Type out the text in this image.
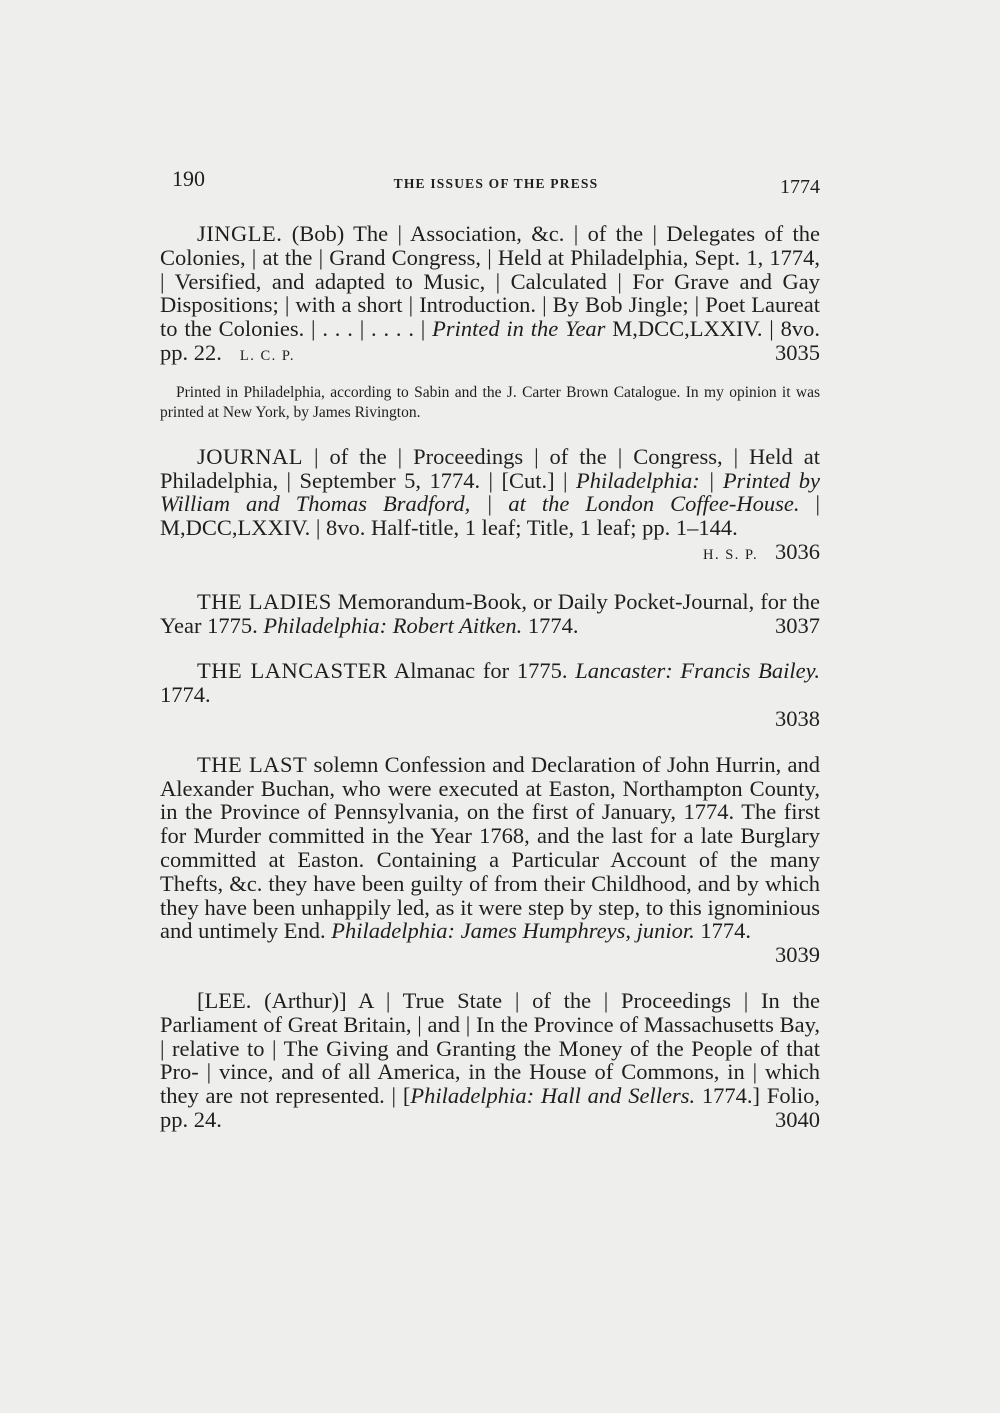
190	THE ISSUES OF THE PRESS	1774
JINGLE. (Bob) The | Association, &c. | of the | Delegates of the Colonies, | at the | Grand Congress, | Held at Philadelphia, Sept. 1, 1774, | Versified, and adapted to Music, | Calculated | For Grave and Gay Dispositions; | with a short | Introduction. | By Bob Jingle; | Poet Laureat to the Colonies. | . . . | . . . . | Printed in the Year M,DCC,LXXIV. | 8vo. pp. 22. L. C. P.	3035
Printed in Philadelphia, according to Sabin and the J. Carter Brown Catalogue. In my opinion it was printed at New York, by James Rivington.
JOURNAL | of the | Proceedings | of the | Congress, | Held at Philadelphia, | September 5, 1774. | [Cut.] | Philadelphia: | Printed by William and Thomas Bradford, | at the London Coffee-House. | M,DCC,LXXIV. | 8vo. Half-title, 1 leaf; Title, 1 leaf; pp. 1–144.
H. S. P. 3036
THE LADIES Memorandum-Book, or Daily Pocket-Journal, for the Year 1775. Philadelphia: Robert Aitken. 1774.	3037
THE LANCASTER Almanac for 1775. Lancaster: Francis Bailey. 1774.
3038
THE LAST solemn Confession and Declaration of John Hurrin, and Alexander Buchan, who were executed at Easton, Northampton County, in the Province of Pennsylvania, on the first of January, 1774. The first for Murder committed in the Year 1768, and the last for a late Burglary committed at Easton. Containing a Particular Account of the many Thefts, &c. they have been guilty of from their Childhood, and by which they have been unhappily led, as it were step by step, to this ignominious and untimely End. Philadelphia: James Humphreys, junior. 1774.
3039
[LEE. (Arthur)] A | True State | of the | Proceedings | In the Parliament of Great Britain, | and | In the Province of Massachusetts Bay, | relative to | The Giving and Granting the Money of the People of that Pro- | vince, and of all America, in the House of Commons, in | which they are not represented. | [Philadelphia: Hall and Sellers. 1774.] Folio, pp. 24.	3040
